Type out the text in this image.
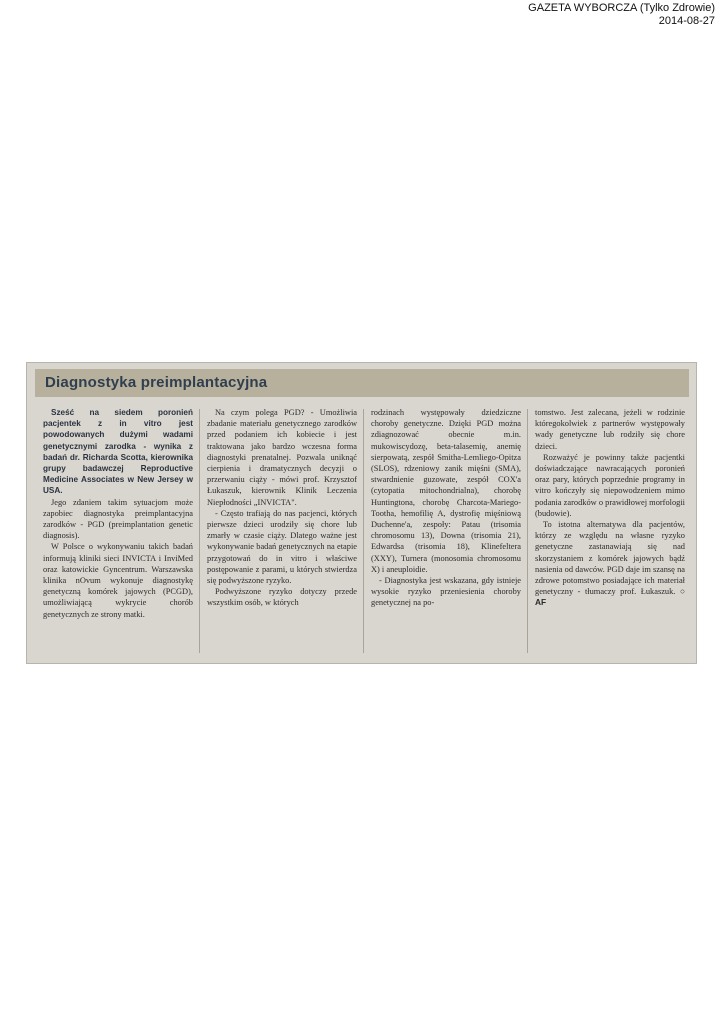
GAZETA WYBORCZA (Tylko Zdrowie)
2014-08-27
Diagnostyka preimplantacyjna

Sześć na siedem poronień pacjentek z in vitro jest powodowanych dużymi wadami genetycznymi zarodka - wynika z badań dr. Richarda Scotta, kierownika grupy badawczej Reproductive Medicine Associates w New Jersey w USA.

Jego zdaniem takim sytuacjom może zapobiec diagnostyka preimplantacyjna zarodków - PGD (preimplantation genetic diagnosis).

W Polsce o wykonywaniu takich badań informują kliniki sieci INVICTA i InviMed oraz katowickie Gyncentrum. Warszawska klinika nOvum wykonuje diagnostykę genetyczną komórek jajowych (PCGD), umożliwiającą wykrycie chorób genetycznych ze strony matki.

Na czym polega PGD? - Umożliwia zbadanie materiału genetycznego zarodków przed podaniem ich kobiecie i jest traktowana jako bardzo wczesna forma diagnostyki prenatalnej. Pozwala uniknąć cierpienia i dramatycznych decyzji o przerwaniu ciąży - mówi prof. Krzysztof Łukaszuk, kierownik Klinik Leczenia Niepłodności „INVICTA".

- Często trafiają do nas pacjenci, których pierwsze dzieci urodziły się chore lub zmarły w czasie ciąży. Dlatego ważne jest wykonywanie badań genetycznych na etapie przygotowań do in vitro i właściwe postępowanie z parami, u których stwierdza się podwyższone ryzyko.

Podwyższone ryzyko dotyczy przede wszystkim osób, w których

rodzinach występowały dziedziczne choroby genetyczne. Dzięki PGD można zdiagnozować obecnie m.in. mukowiscydozę, beta-talasemię, anemię sierpowatą, zespół Smitha-Lemliego-Opitza (SLOS), rdzeniowy zanik mięśni (SMA), stwardnienie guzowate, zespół COX'a (cytopatia mitochondrialna), chorobę Huntingtona, chorobę Charcota-Mariego-Tootha, hemofilię A, dystrofię mięśniową Duchenne'a, zespoły: Patau (trisomia chromosomu 13), Downa (trisomia 21), Edwardsa (trisomia 18), Klinefeltera (XXY), Turnera (monosomia chromosomu X) i aneuploidie.

- Diagnostyka jest wskazana, gdy istnieje wysokie ryzyko przeniesienia choroby genetycznej na po-

tomstwo. Jest zalecana, jeżeli w rodzinie któregokolwiek z partnerów występowały wady genetyczne lub rodziły się chore dzieci.

Rozważyć je powinny także pacjentki doświadczające nawracających poronień oraz pary, których poprzednie programy in vitro kończyły się niepowodzeniem mimo podania zarodków o prawidłowej morfologii (budowie).

To istotna alternatywa dla pacjentów, którzy ze względu na własne ryzyko genetyczne zastanawiają się nad skorzystaniem z komórek jajowych bądź nasienia od dawców. PGD daje im szansę na zdrowe potomstwo posiadające ich materiał genetyczny - tłumaczy prof. Łukaszuk. ○ AF
